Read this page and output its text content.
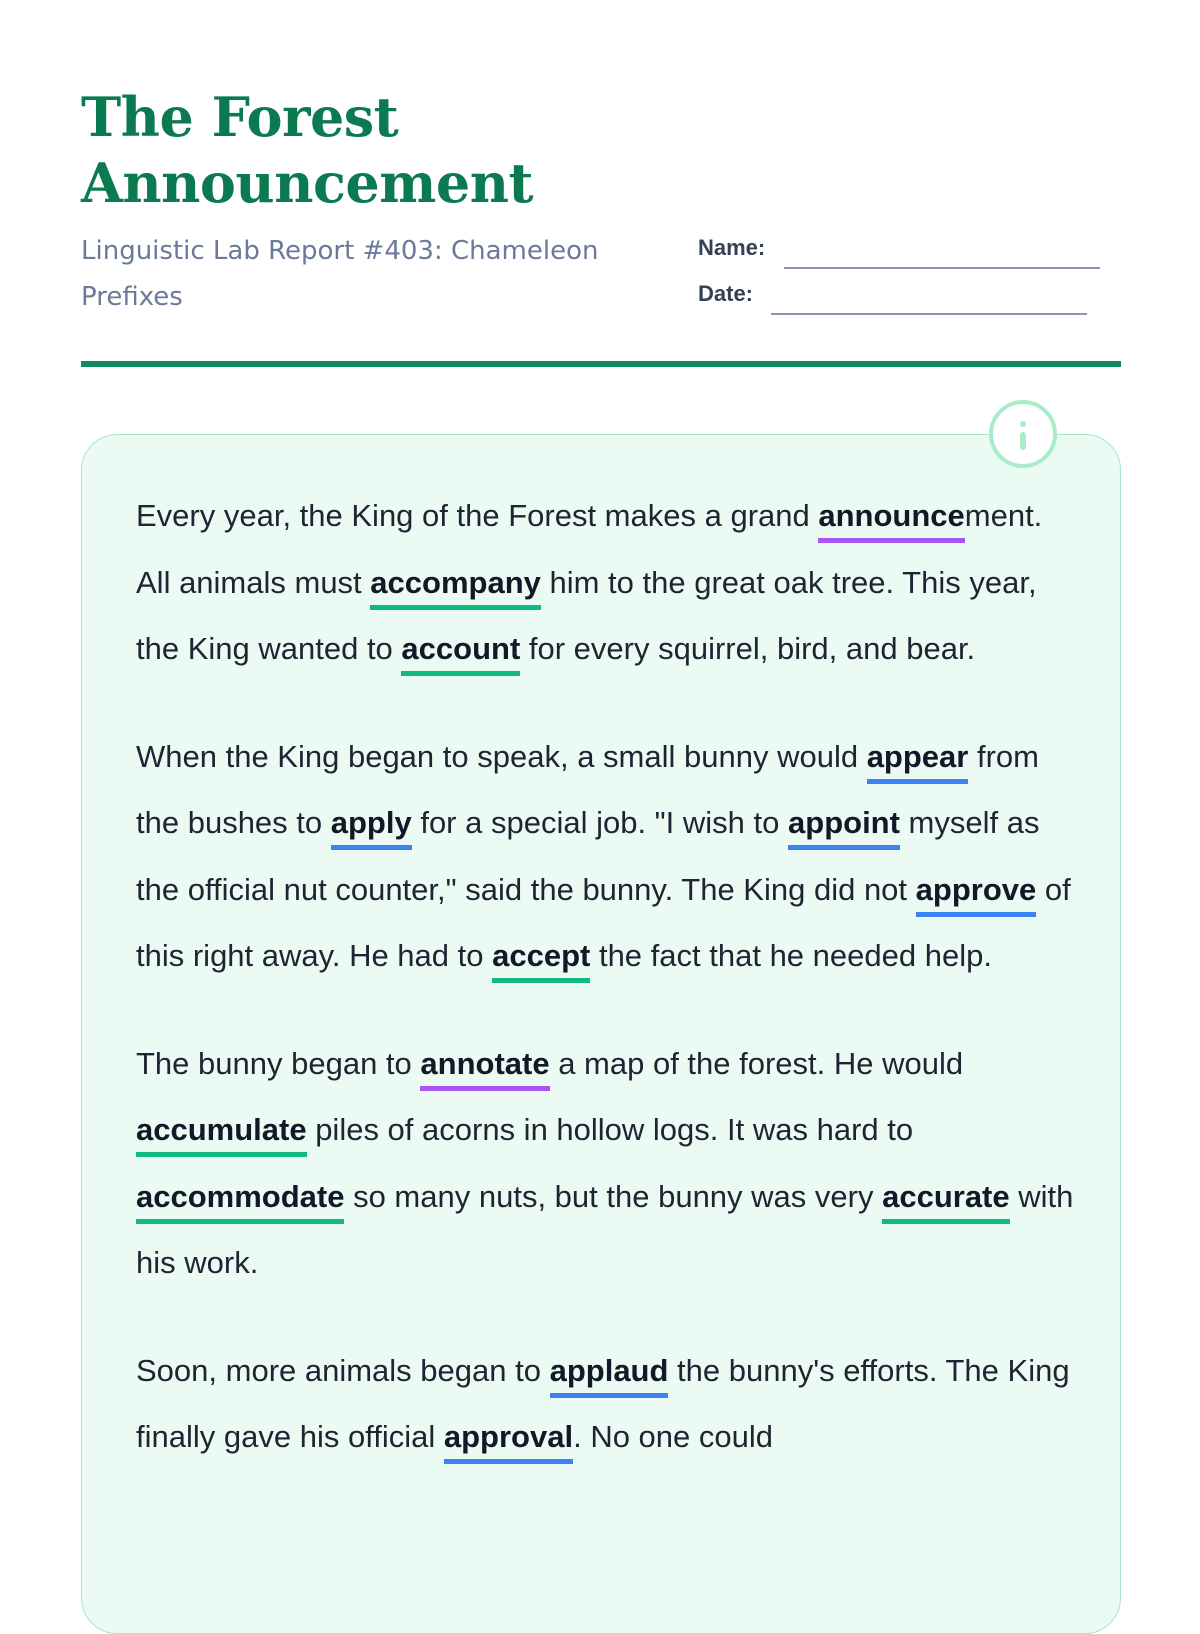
The Forest
Announcement
Linguistic Lab Report #403: Chameleon Prefixes
Name:
Date:

Every year, the King of the Forest makes a grand announcement. All animals must accompany him to the great oak tree. This year, the King wanted to account for every squirrel, bird, and bear.

When the King began to speak, a small bunny would appear from the bushes to apply for a special job. "I wish to appoint myself as the official nut counter," said the bunny. The King did not approve of this right away. He had to accept the fact that he needed help.

The bunny began to annotate a map of the forest. He would accumulate piles of acorns in hollow logs. It was hard to accommodate so many nuts, but the bunny was very accurate with his work.

Soon, more animals began to applaud the bunny's efforts. The King finally gave his official approval. No one could
